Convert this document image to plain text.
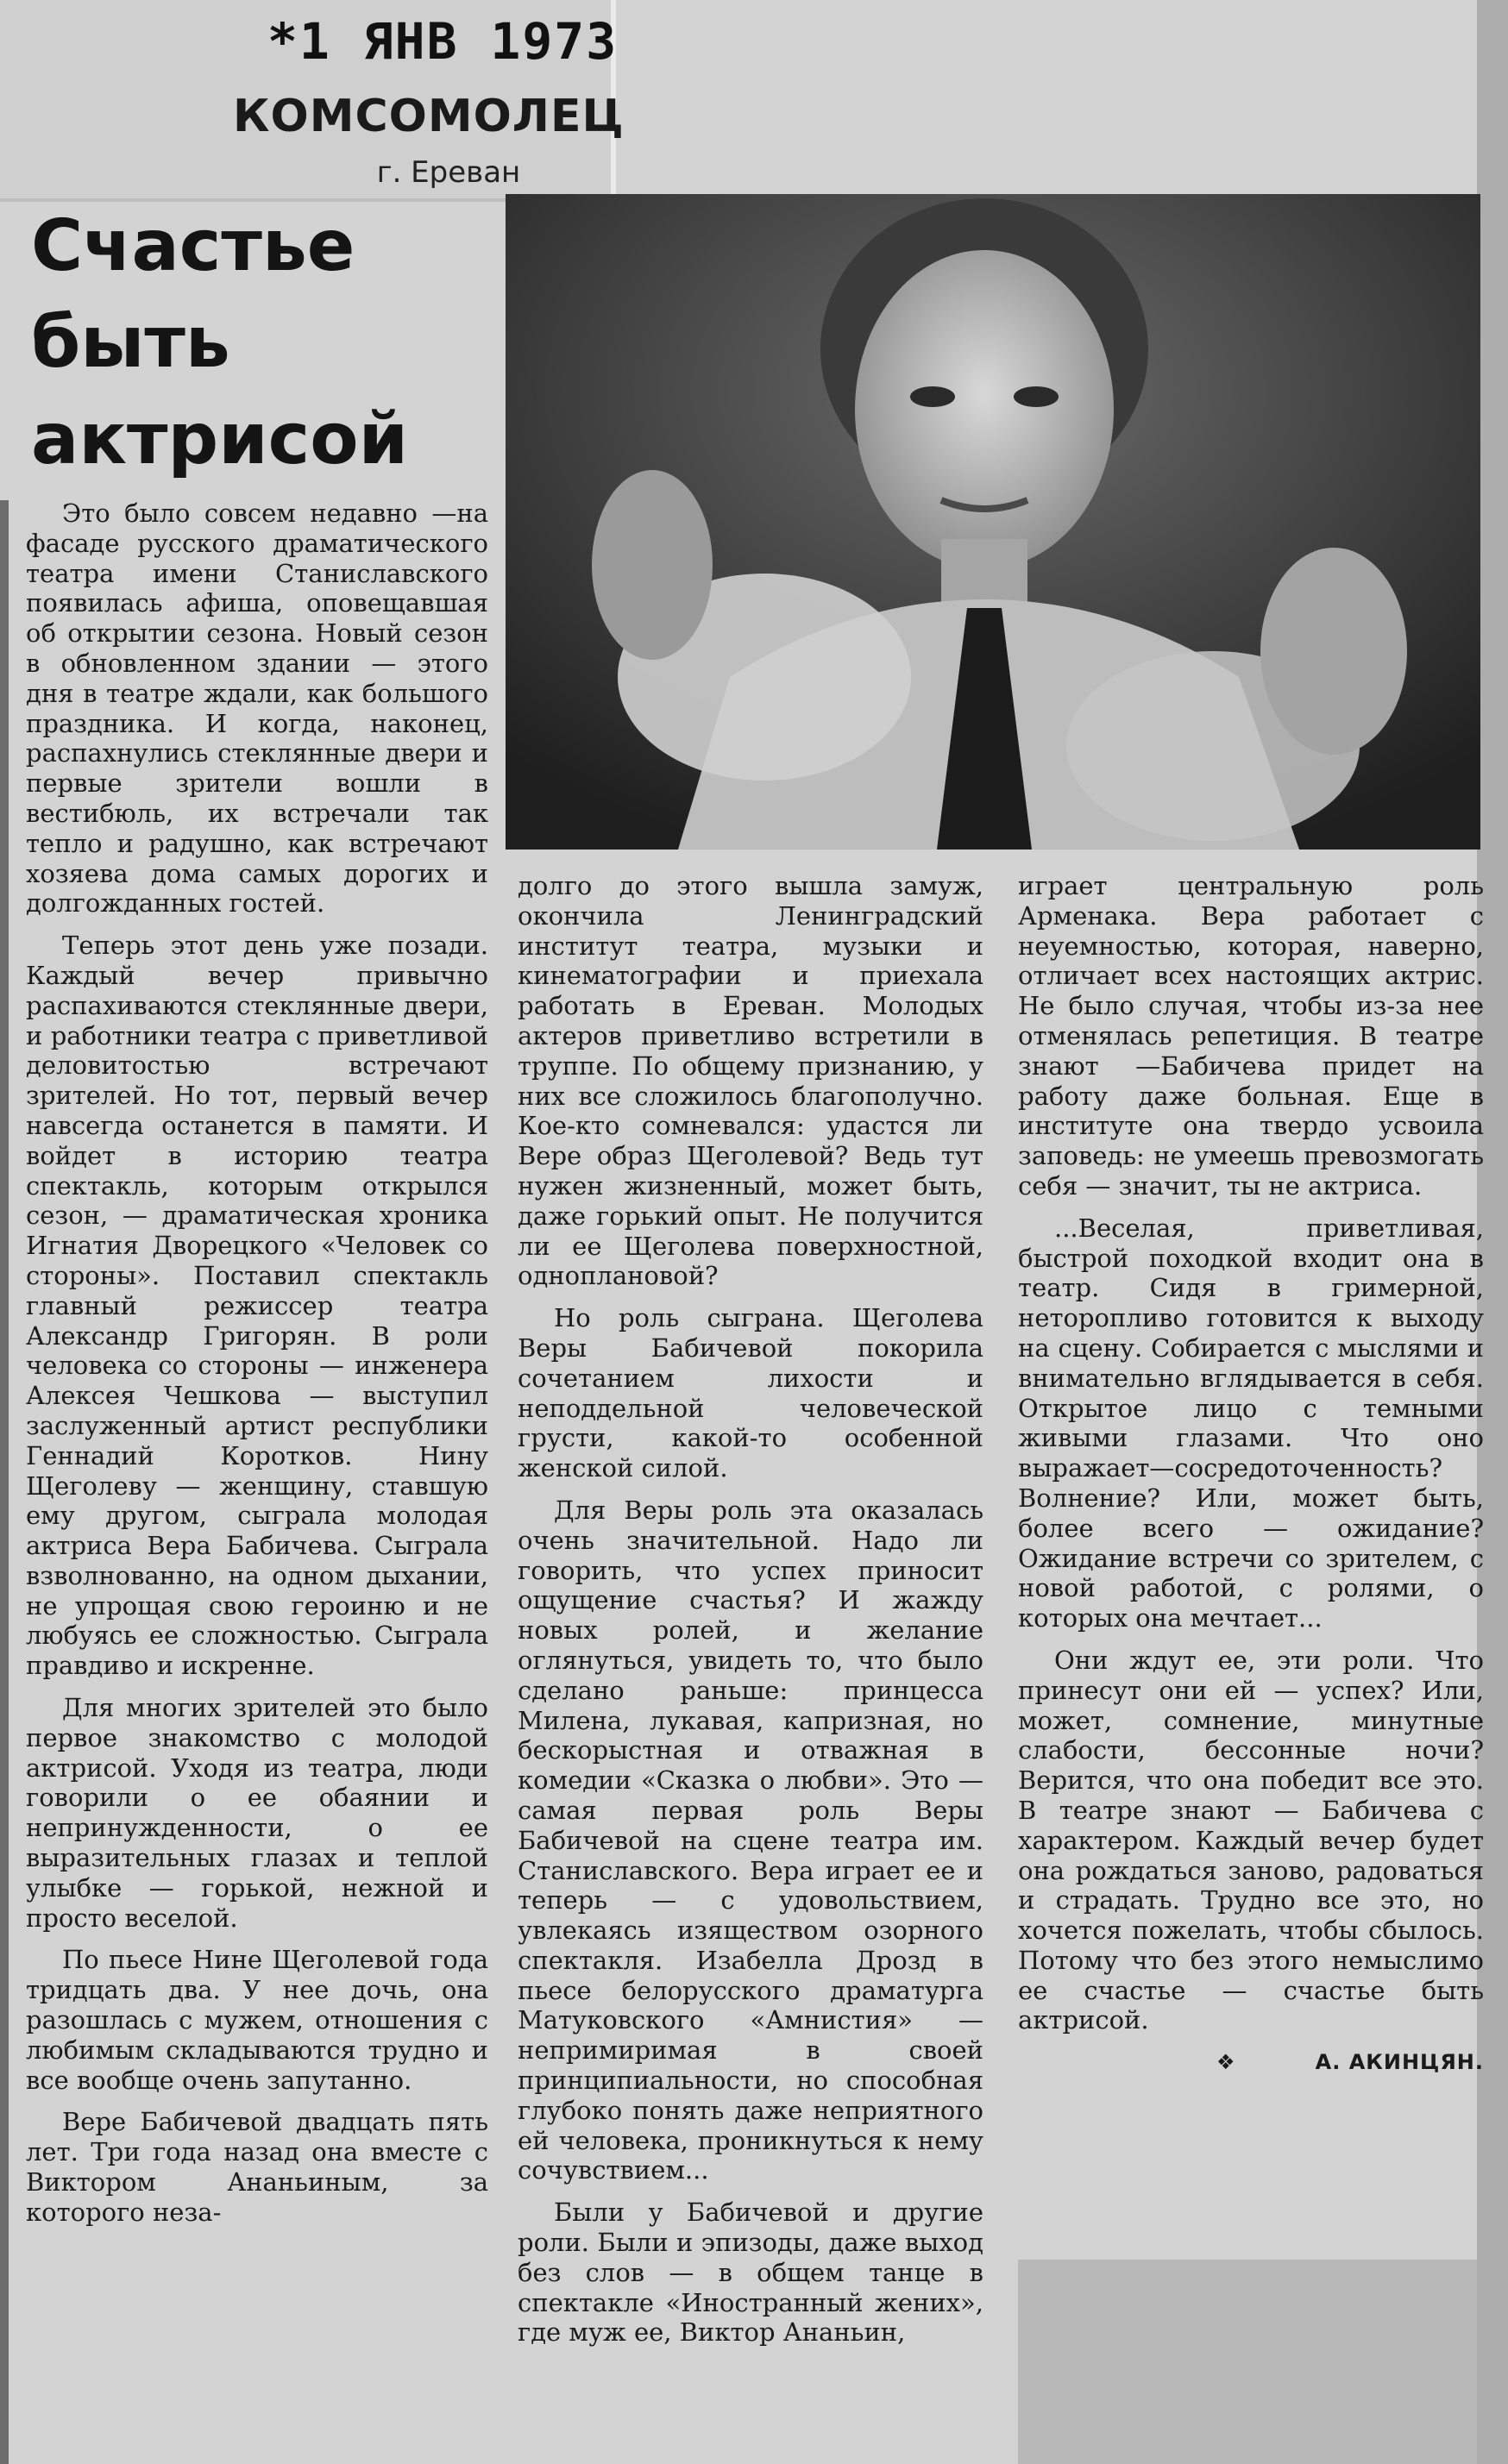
*1 ЯНВ 1973
КОМСОМОЛЕЦ
г. Ереван
Счастье
быть
актрисой

Это было совсем недавно —на фасаде русского драматического театра имени Станиславского появилась афиша, оповещавшая об открытии сезона. Новый сезон в обновленном здании — этого дня в театре ждали, как большого праздника. И когда, наконец, распахнулись стеклянные двери и первые зрители вошли в вестибюль, их встречали так тепло и радушно, как встречают хозяева дома самых дорогих и долгожданных гостей.

Теперь этот день уже позади. Каждый вечер привычно распахиваются стеклянные двери, и работники театра с приветливой деловитостью встречают зрителей. Но тот, первый вечер навсегда останется в памяти. И войдет в историю театра спектакль, которым открылся сезон, — драматическая хроника Игнатия Дворецкого «Человек со стороны». Поставил спектакль главный режиссер театра Александр Григорян. В роли человека со стороны — инженера Алексея Чешкова — выступил заслуженный артист республики Геннадий Коротков. Нину Щеголеву — женщину, ставшую ему другом, сыграла молодая актриса Вера Бабичева. Сыграла взволнованно, на одном дыхании, не упрощая свою героиню и не любуясь ее сложностью. Сыграла правдиво и искренне.

Для многих зрителей это было первое знакомство с молодой актрисой. Уходя из театра, люди говорили о ее обаянии и непринужденности, о ее выразительных глазах и теплой улыбке — горькой, нежной и просто веселой.

По пьесе Нине Щеголевой года тридцать два. У нее дочь, она разошлась с мужем, отношения с любимым складываются трудно и все вообще очень запутанно.

Вере Бабичевой двадцать пять лет. Три года назад она вместе с Виктором Ананьиным, за которого неза-

долго до этого вышла замуж, окончила Ленинградский институт театра, музыки и кинематографии и приехала работать в Ереван. Молодых актеров приветливо встретили в труппе. По общему признанию, у них все сложилось благополучно. Кое-кто сомневался: удастся ли Вере образ Щеголевой? Ведь тут нужен жизненный, может быть, даже горький опыт. Не получится ли ее Щеголева поверхностной, одноплановой?

Но роль сыграна. Щеголева Веры Бабичевой покорила сочетанием лихости и неподдельной человеческой грусти, какой-то особенной женской силой.

Для Веры роль эта оказалась очень значительной. Надо ли говорить, что успех приносит ощущение счастья? И жажду новых ролей, и желание оглянуться, увидеть то, что было сделано раньше: принцесса Милена, лукавая, капризная, но бескорыстная и отважная в комедии «Сказка о любви». Это —самая первая роль Веры Бабичевой на сцене театра им. Станиславского. Вера играет ее и теперь — с удовольствием, увлекаясь изяществом озорного спектакля. Изабелла Дрозд в пьесе белорусского драматурга Матуковского «Амнистия» — непримиримая в своей принципиальности, но способная глубоко понять даже неприятного ей человека, проникнуться к нему сочувствием...

Были у Бабичевой и другие роли. Были и эпизоды, даже выход без слов — в общем танце в спектакле «Иностранный жених», где муж ее, Виктор Ананьин,

играет центральную роль Арменака. Вера работает с неуемностью, которая, наверно, отличает всех настоящих актрис. Не было случая, чтобы из-за нее отменялась репетиция. В театре знают —Бабичева придет на работу даже больная. Еще в институте она твердо усвоила заповедь: не умеешь превозмогать себя — значит, ты не актриса.

...Веселая, приветливая, быстрой походкой входит она в театр. Сидя в гримерной, неторопливо готовится к выходу на сцену. Собирается с мыслями и внимательно вглядывается в себя. Открытое лицо с темными живыми глазами. Что оно выражает—сосредоточенность? Волнение? Или, может быть, более всего — ожидание? Ожидание встречи со зрителем, с новой работой, с ролями, о которых она мечтает...

Они ждут ее, эти роли. Что принесут они ей — успех? Или, может, сомнение, минутные слабости, бессонные ночи? Верится, что она победит все это. В театре знают — Бабичева с характером. Каждый вечер будет она рождаться заново, радоваться и страдать. Трудно все это, но хочется пожелать, чтобы сбылось. Потому что без этого немыслимо ее счастье — счастье быть актрисой.

❖	А. АКИНЦЯН.
